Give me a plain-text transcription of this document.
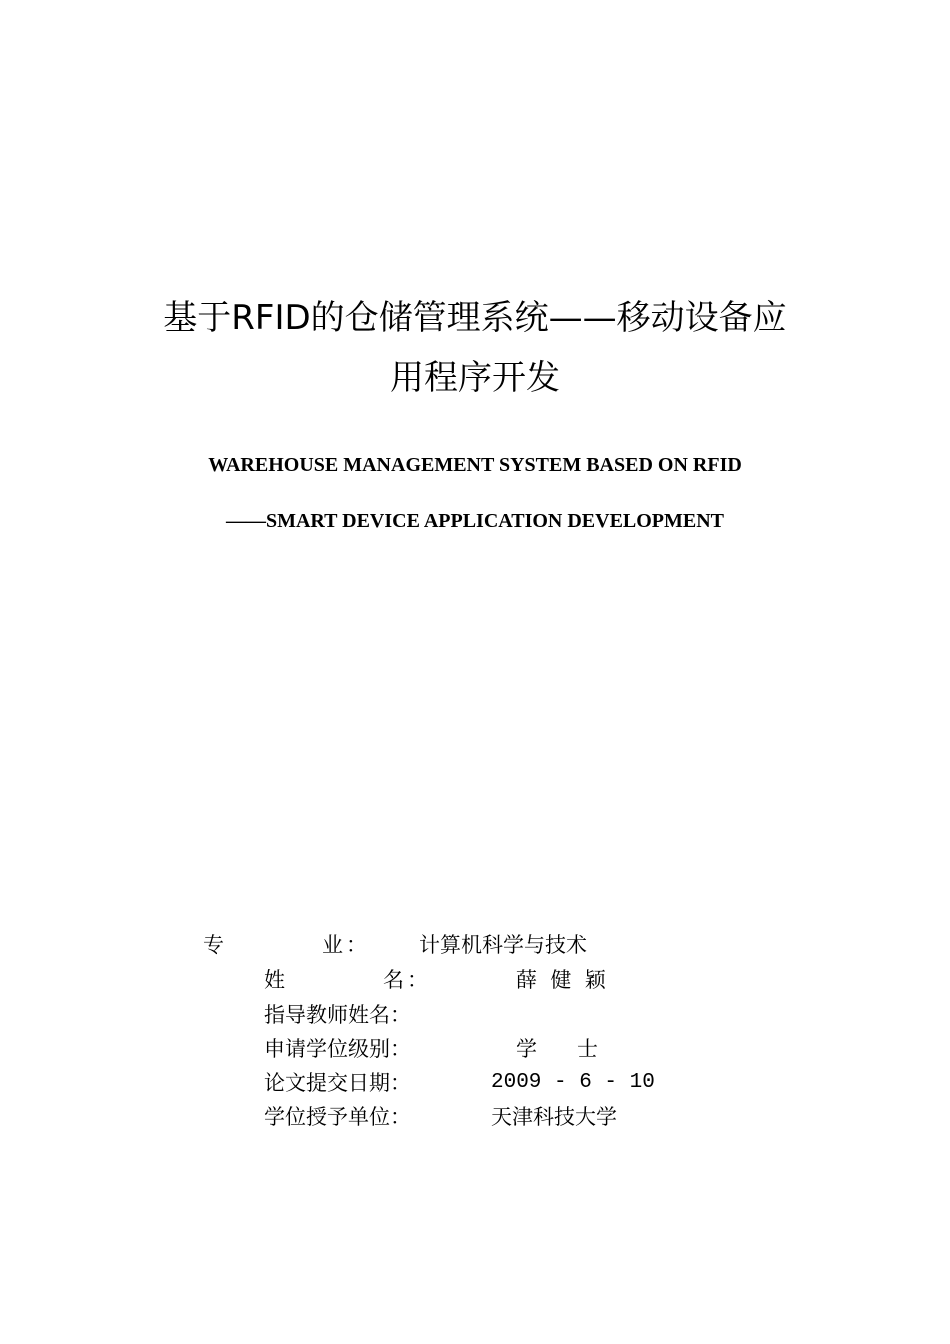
基于RFID的仓储管理系统——移动设备应
用程序开发
WAREHOUSE MANAGEMENT SYSTEM BASED ON RFID
——SMART DEVICE APPLICATION DEVELOPMENT
专	业 ： 计算机科学与技术
姓	名 ：	薛  健  颖
指导教师姓名：
申请学位级别：	学      士
论文提交日期：	2009 - 6 - 10
学位授予单位：	天津科技大学
